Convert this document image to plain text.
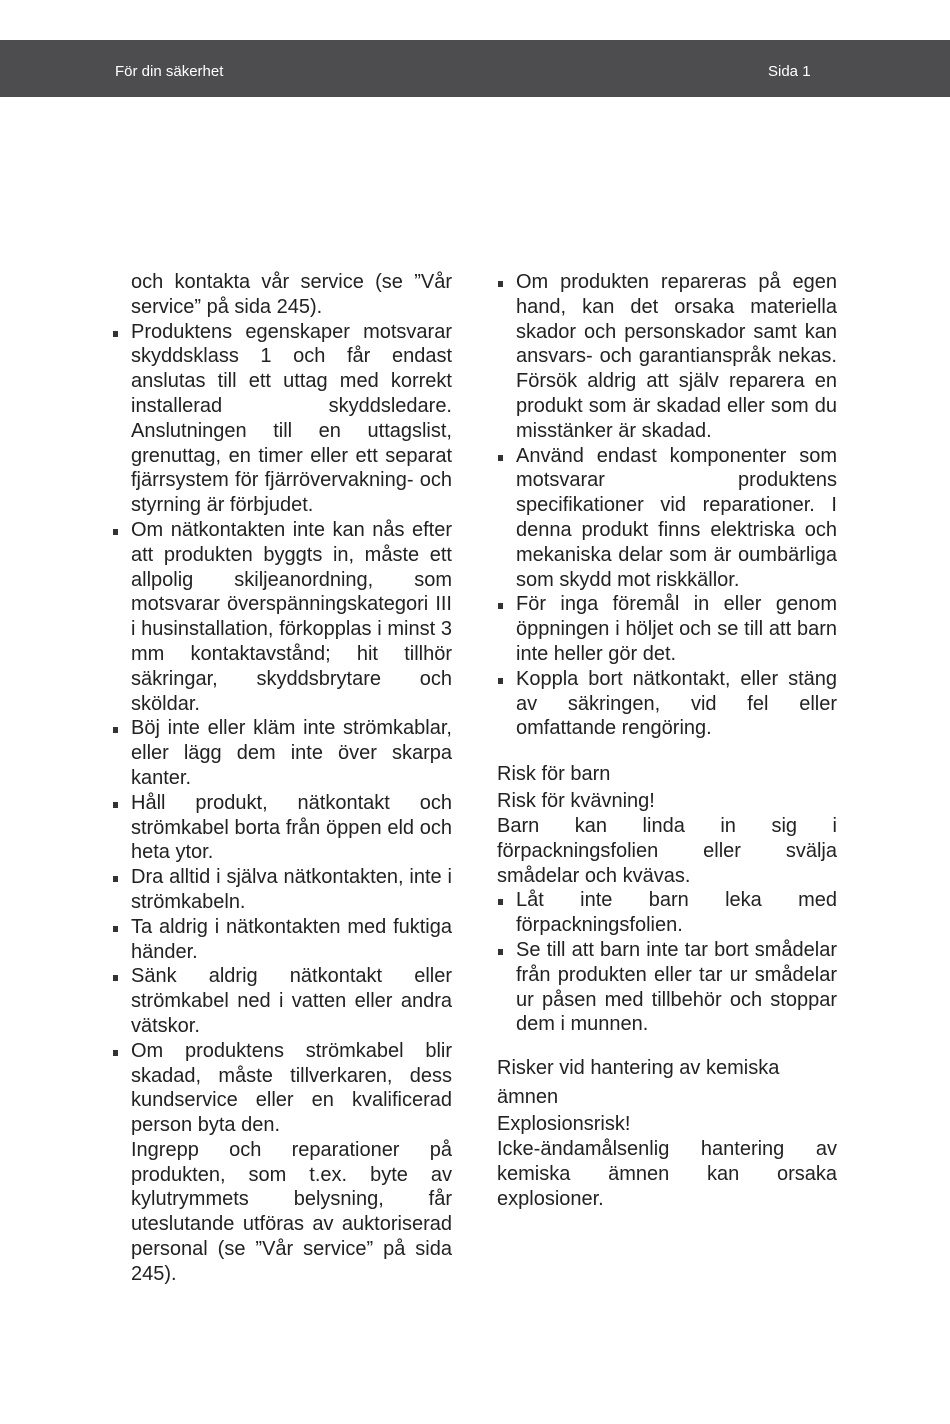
För din säkerhet	Sida 1
och kontakta vår service (se ”Vår service” på sida 245).
Produktens egenskaper motsvarar skyddsklass 1 och får endast anslutas till ett uttag med korrekt installerad skyddsledare. Anslutningen till en uttagslist, grenuttag, en timer eller ett separat fjärrsystem för fjärrövervakning- och styrning är förbjudet.
Om nätkontakten inte kan nås efter att produkten byggts in, måste ett allpolig skiljeanordning, som motsvarar överspänningskategori III i husinstallation, förkopplas i minst 3 mm kontaktavstånd; hit tillhör säkringar, skyddsbrytare och sköldar.
Böj inte eller kläm inte strömkablar, eller lägg dem inte över skarpa kanter.
Håll produkt, nätkontakt och strömkabel borta från öppen eld och heta ytor.
Dra alltid i själva nätkontakten, inte i strömkabeln.
Ta aldrig i nätkontakten med fuktiga händer.
Sänk aldrig nätkontakt eller strömkabel ned i vatten eller andra vätskor.
Om produktens strömkabel blir skadad, måste tillverkaren, dess kundservice eller en kvalificerad person byta den.
Ingrepp och reparationer på produkten, som t.ex. byte av kylutrymmets belysning, får uteslutande utföras av auktoriserad personal (se ”Vår service” på sida 245).
Om produkten repareras på egen hand, kan det orsaka materiella skador och personskador samt kan ansvars- och garantianspråk nekas. Försök aldrig att själv reparera en produkt som är skadad eller som du misstänker är skadad.
Använd endast komponenter som motsvarar produktens specifikationer vid reparationer. I denna produkt finns elektriska och mekaniska delar som är oumbärliga som skydd mot riskkällor.
För inga föremål in eller genom öppningen i höljet och se till att barn inte heller gör det.
Koppla bort nätkontakt, eller stäng av säkringen, vid fel eller omfattande rengöring.
Risk för barn
Risk för kvävning!
Barn kan linda in sig i förpackningsfolien eller svälja smådelar och kvävas.
Låt inte barn leka med förpackningsfolien.
Se till att barn inte tar bort smådelar från produkten eller tar ur smådelar ur påsen med tillbehör och stoppar dem i munnen.
Risker vid hantering av kemiska ämnen
Explosionsrisk!
Icke-ändamålsenlig hantering av kemiska ämnen kan orsaka explosioner.
